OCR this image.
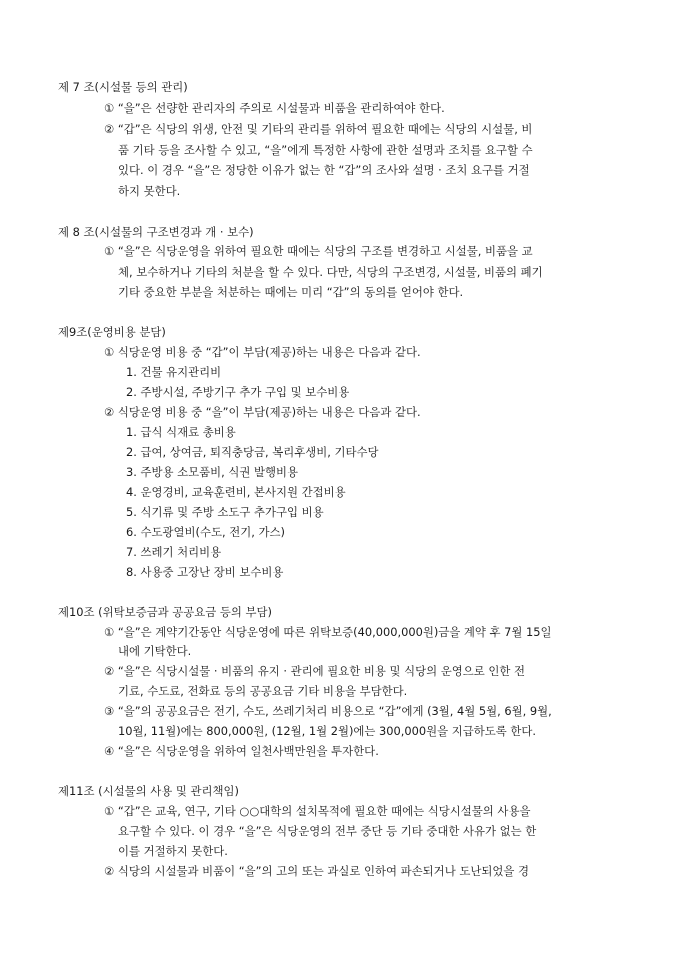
제 7 조(시설물 등의 관리)
① “을”은 선량한 관리자의 주의로 시설물과 비품을 관리하여야 한다.
② “갑”은 식당의 위생, 안전 및 기타의 관리를 위하여 필요한 때에는 식당의 시설물, 비
품 기타 등을 조사할 수 있고, “을”에게 특정한 사항에 관한 설명과 조치를 요구할 수
있다. 이 경우 “을”은 정당한 이유가 없는 한 “갑”의 조사와 설명 · 조치 요구를 거절
하지 못한다.
제 8 조(시설물의 구조변경과 개 · 보수)
① “을”은 식당운영을 위하여 필요한 때에는 식당의 구조를 변경하고 시설물, 비품을 교
체, 보수하거나 기타의 처분을 할 수 있다. 다만, 식당의 구조변경, 시설물, 비품의 폐기
기타 중요한 부분을 처분하는 때에는 미리 “갑”의 동의를 얻어야 한다.
제9조(운영비용 분담)
① 식당운영 비용 중 “갑”이 부담(제공)하는 내용은 다음과 같다.
1. 건물 유지관리비
2. 주방시설, 주방기구 추가 구입 및 보수비용
② 식당운영 비용 중 “을”이 부담(제공)하는 내용은 다음과 같다.
1. 급식 식재료 총비용
2. 급여, 상여금, 퇴직충당금, 복리후생비, 기타수당
3. 주방용 소모품비, 식권 발행비용
4. 운영경비, 교육훈련비, 본사지원 간접비용
5. 식기류 및 주방 소도구 추가구입 비용
6. 수도광열비(수도, 전기, 가스)
7. 쓰레기 처리비용
8. 사용중 고장난 장비 보수비용
제10조 (위탁보증금과 공공요금 등의 부담)
① “을”은 계약기간동안 식당운영에 따른 위탁보증(40,000,000원)금을 계약 후 7월 15일
내에 기탁한다.
② “을”은 식당시설물 · 비품의 유지 · 관리에 필요한 비용 및 식당의 운영으로 인한 전
기료, 수도료, 전화료 등의 공공요금 기타 비용을 부담한다.
③ “을”의 공공요금은 전기, 수도, 쓰레기처리 비용으로 “갑”에게 (3월, 4월 5월, 6월, 9월,
10월, 11월)에는 800,000원, (12월, 1월 2월)에는 300,000원을 지급하도록 한다.
④ “을”은 식당운영을 위하여 일천사백만원을 투자한다.
제11조 (시설물의 사용 및 관리책임)
① “갑”은 교육, 연구, 기타 ○○대학의 설치목적에 필요한 때에는 식당시설물의 사용을
요구할 수 있다. 이 경우 “을”은 식당운영의 전부 중단 등 기타 중대한 사유가 없는 한
이를 거절하지 못한다.
② 식당의 시설물과 비품이 “을”의 고의 또는 과실로 인하여 파손되거나 도난되었을 경
